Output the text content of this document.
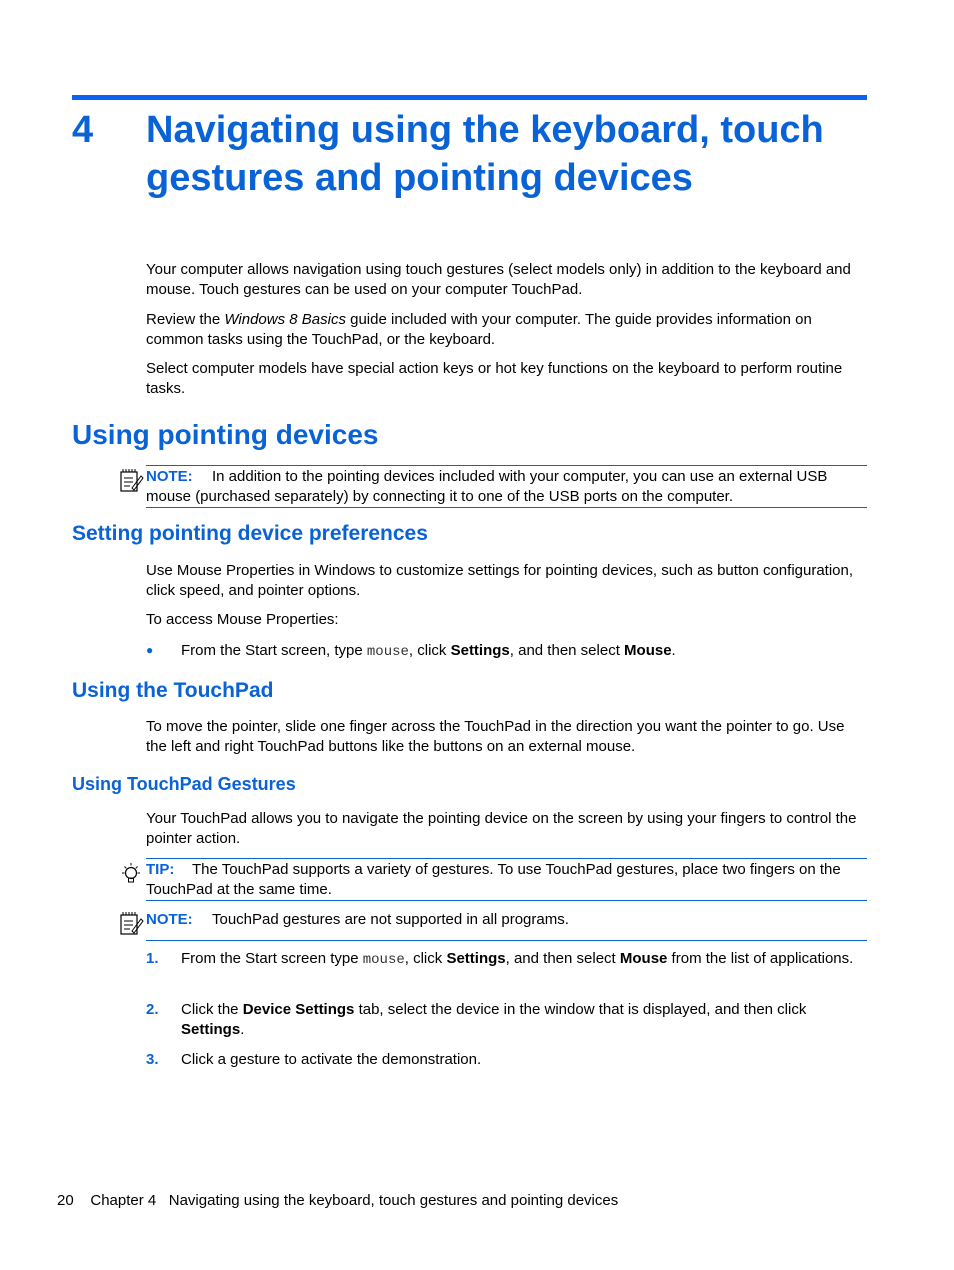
4 Navigating using the keyboard, touch gestures and pointing devices
Your computer allows navigation using touch gestures (select models only) in addition to the keyboard and mouse. Touch gestures can be used on your computer TouchPad.
Review the Windows 8 Basics guide included with your computer. The guide provides information on common tasks using the TouchPad, or the keyboard.
Select computer models have special action keys or hot key functions on the keyboard to perform routine tasks.
Using pointing devices
NOTE: In addition to the pointing devices included with your computer, you can use an external USB mouse (purchased separately) by connecting it to one of the USB ports on the computer.
Setting pointing device preferences
Use Mouse Properties in Windows to customize settings for pointing devices, such as button configuration, click speed, and pointer options.
To access Mouse Properties:
● From the Start screen, type mouse, click Settings, and then select Mouse.
Using the TouchPad
To move the pointer, slide one finger across the TouchPad in the direction you want the pointer to go. Use the left and right TouchPad buttons like the buttons on an external mouse.
Using TouchPad Gestures
Your TouchPad allows you to navigate the pointing device on the screen by using your fingers to control the pointer action.
TIP: The TouchPad supports a variety of gestures. To use TouchPad gestures, place two fingers on the TouchPad at the same time.
NOTE: TouchPad gestures are not supported in all programs.
1. From the Start screen type mouse, click Settings, and then select Mouse from the list of applications.
2. Click the Device Settings tab, select the device in the window that is displayed, and then click Settings.
3. Click a gesture to activate the demonstration.
20 Chapter 4 Navigating using the keyboard, touch gestures and pointing devices
